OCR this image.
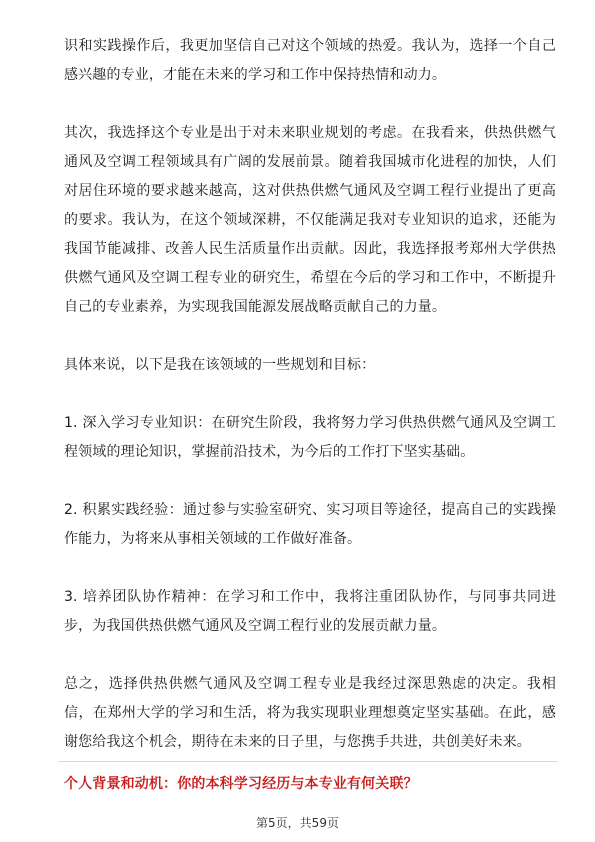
识和实践操作后，我更加坚信自己对这个领域的热爱。我认为，选择一个自己感兴趣的专业，才能在未来的学习和工作中保持热情和动力。

其次，我选择这个专业是出于对未来职业规划的考虑。在我看来，供热供燃气通风及空调工程领域具有广阔的发展前景。随着我国城市化进程的加快，人们对居住环境的要求越来越高，这对供热供燃气通风及空调工程行业提出了更高的要求。我认为，在这个领域深耕，不仅能满足我对专业知识的追求，还能为我国节能减排、改善人民生活质量作出贡献。因此，我选择报考郑州大学供热供燃气通风及空调工程专业的研究生，希望在今后的学习和工作中，不断提升自己的专业素养，为实现我国能源发展战略贡献自己的力量。

具体来说，以下是我在该领域的一些规划和目标：

1. 深入学习专业知识：在研究生阶段，我将努力学习供热供燃气通风及空调工程领域的理论知识，掌握前沿技术，为今后的工作打下坚实基础。

2. 积累实践经验：通过参与实验室研究、实习项目等途径，提高自己的实践操作能力，为将来从事相关领域的工作做好准备。

3. 培养团队协作精神：在学习和工作中，我将注重团队协作，与同事共同进步，为我国供热供燃气通风及空调工程行业的发展贡献力量。

总之，选择供热供燃气通风及空调工程专业是我经过深思熟虑的决定。我相信，在郑州大学的学习和生活，将为我实现职业理想奠定坚实基础。在此，感谢您给我这个机会，期待在未来的日子里，与您携手共进，共创美好未来。

个人背景和动机：你的本科学习经历与本专业有何关联？

第5页，共59页
